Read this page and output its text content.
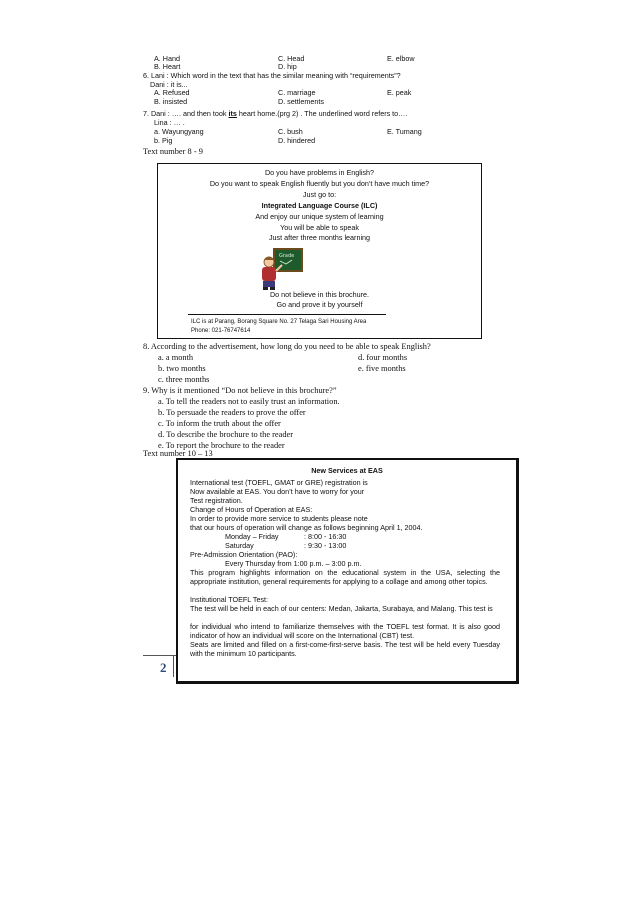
A. Hand	C. Head	E. elbow
B. Heart	D. hip
6. Lani : Which word in the text that has the similar meaning with “requirements”?
Dani : it is...
A. Refused	C. marriage	E. peak
B. insisted	D. settlements
7. Dani : …. and then took its heart home.(prg 2) . The underlined word refers to….
Lina : … .
a. Wayungyang	C. bush	E. Tumang
b. Pig	D. hindered
Text number 8 - 9
Do you have problems in English?
Do you want to speak English fluently but you don’t have much time?
Just go to:
Integrated Language Course (ILC)
And enjoy our unique system of learning
You will be able to speak
Just after three months learning
Grade
Do not believe in this brochure.
Go and prove it by yourself
ILC is at Parang, Borang Square No. 27 Telaga Sari Housing Area
Phone: 021-76747614
8. According to the advertisement, how long do you need to be able to speak English?
a. a month	d. four months
b. two months	e. five months
c. three months
9. Why is it mentioned “Do not believe in this brochure?”
a. To tell the readers not to easily trust an information.
b. To persuade the readers to prove the offer
c. To inform the truth about the offer
d. To describe the brochure to the reader
e. To report the brochure to the reader
Text number 10 – 13
New Services at EAS
International test (TOEFL, GMAT or GRE) registration is
Now available at EAS. You don’t have to worry for your
Test registration.
Change of Hours of Operation at EAS:
In order to provide more service to students please note
that our hours of operation will change as follows beginning April 1, 2004.
Monday – Friday	: 8:00 - 16:30
Saturday	: 9:30 - 13:00
Pre-Admission Orientation (PAO):
Every Thursday from 1:00 p.m. – 3:00 p.m.
This program highlights information on the educational system in the USA, selecting the appropriate institution, general requirements for applying to a collage and among other topics.
Institutional TOEFL Test:
The test will be held in each of our centers: Medan, Jakarta, Surabaya, and Malang. This test is
for individual who intend to familiarize themselves with the TOEFL test format. It is also good indicator of how an individual will score on the International (CBT) test.
Seats are limited and filled on a first-come-first-serve basis. The test will be held every Tuesday with the minimum 10 participants.
2
